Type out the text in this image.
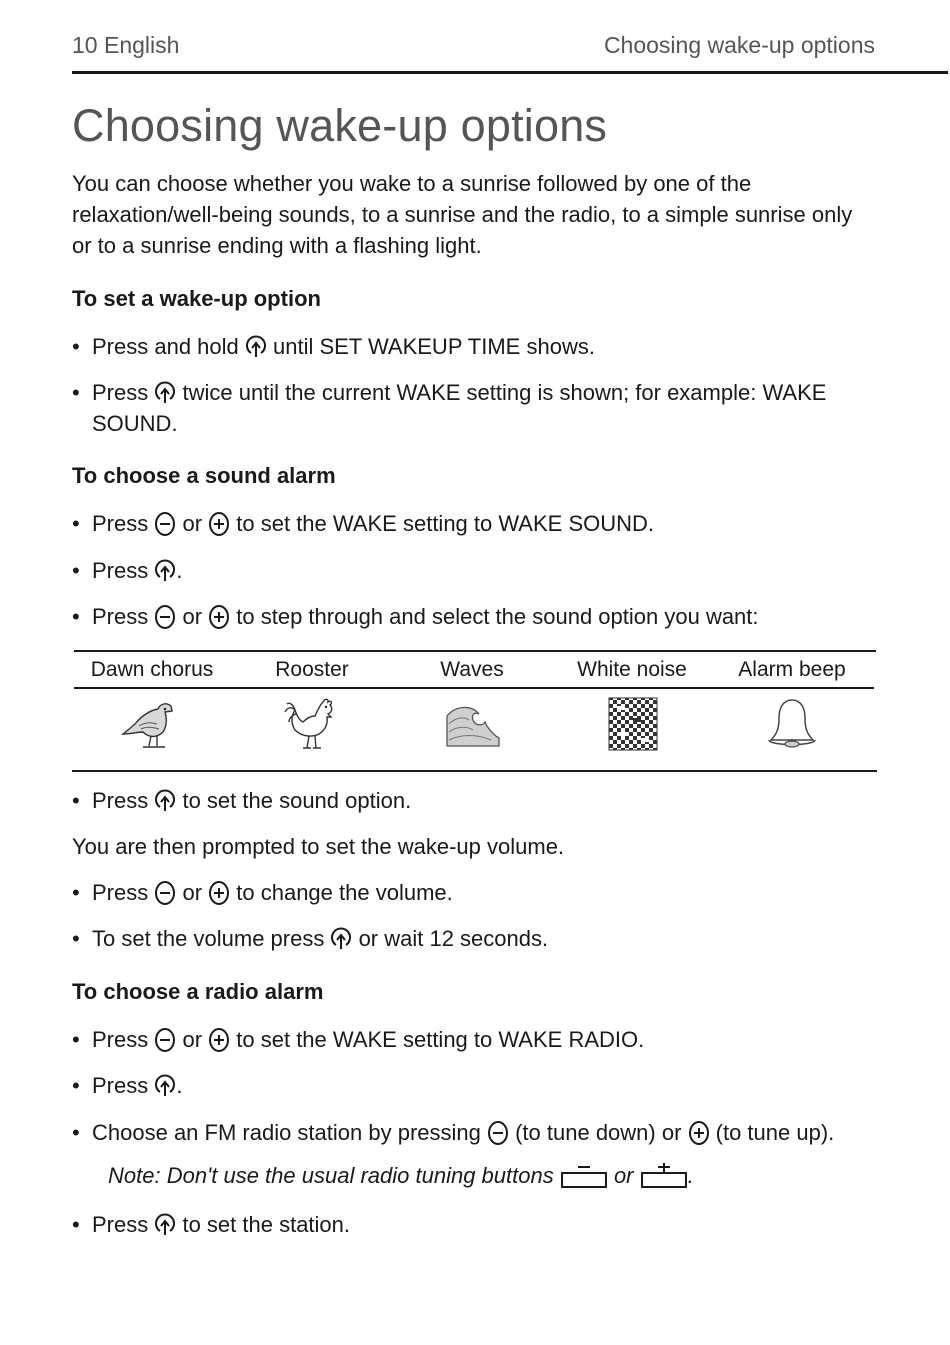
10 English	Choosing wake-up options
Choosing wake-up options

You can choose whether you wake to a sunrise followed by one of the relaxation/well-being sounds, to a sunrise and the radio, to a simple sunrise only or to a sunrise ending with a flashing light.

To set a wake-up option
• Press and hold  until SET WAKEUP TIME shows.
• Press  twice until the current WAKE setting is shown; for example: WAKE SOUND.
To choose a sound alarm
• Press  or  to set the WAKE setting to WAKE SOUND.
• Press .
• Press  or  to step through and select the sound option you want:
Dawn chorus	Rooster	Waves	White noise	Alarm beep
• Press  to set the sound option.
You are then prompted to set the wake-up volume.
• Press  or  to change the volume.
• To set the volume press  or wait 12 seconds.
To choose a radio alarm
• Press  or  to set the WAKE setting to WAKE RADIO.
• Press .
• Choose an FM radio station by pressing  (to tune down) or  (to tune up).
Note: Don't use the usual radio tuning buttons  or .
• Press  to set the station.
